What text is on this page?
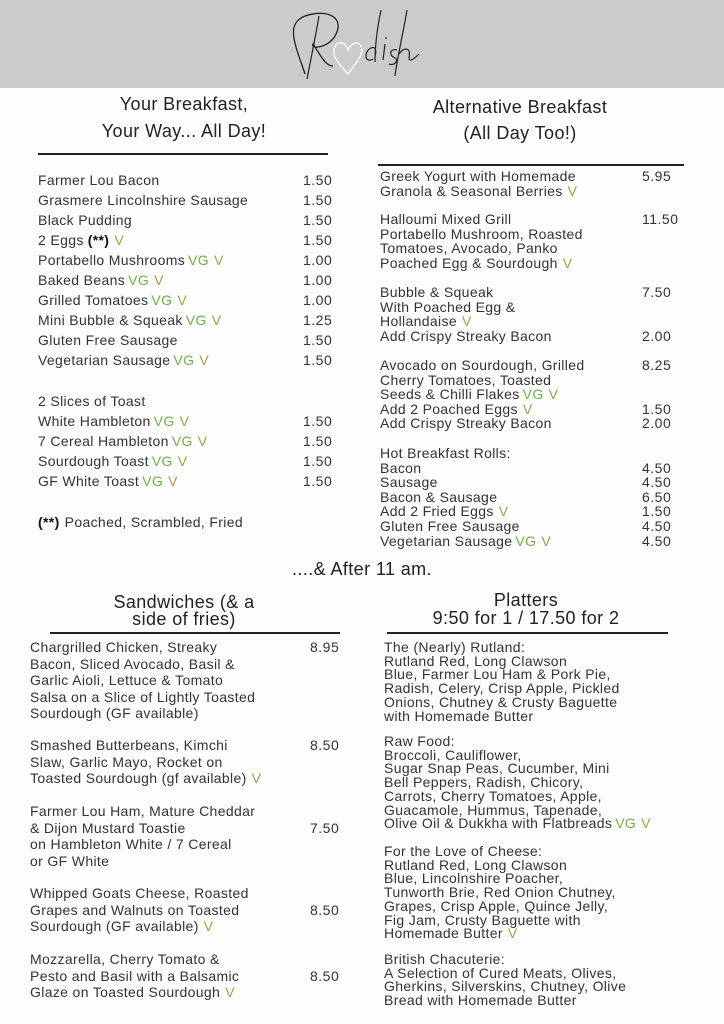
Your Breakfast,
Your Way... All Day!
Alternative Breakfast
(All Day Too!)
Sandwiches (& a
side of fries)
Platters
9:50 for 1 / 17.50 for 2
....& After 11 am.
Farmer Lou Bacon	1.50
Grasmere Lincolnshire Sausage	1.50
Black Pudding	1.50
2 Eggs (**) V	1.50
Portabello Mushrooms VG V	1.00
Baked Beans VG V	1.00
Grilled Tomatoes VG V	1.00
Mini Bubble & Squeak VG V	1.25
Gluten Free Sausage	1.50
Vegetarian Sausage VG V	1.50
2 Slices of Toast
White Hambleton VG V	1.50
7 Cereal Hambleton VG V	1.50
Sourdough Toast VG V	1.50
GF White Toast VG V	1.50
Greek Yogurt with Homemade	5.95
Granola & Seasonal Berries V
Halloumi Mixed Grill	11.50
Portabello Mushroom, Roasted
Tomatoes, Avocado, Panko
Poached Egg & Sourdough V
Bubble & Squeak	7.50
With Poached Egg &
Hollandaise V
Add Crispy Streaky Bacon	2.00
Avocado on Sourdough, Grilled	8.25
Cherry Tomatoes, Toasted
Seeds & Chilli Flakes VG V
Add 2 Poached Eggs V	1.50
Add Crispy Streaky Bacon	2.00
Hot Breakfast Rolls:
Bacon	4.50
Sausage	4.50
Bacon & Sausage	6.50
Add 2 Fried Eggs V	1.50
Gluten Free Sausage	4.50
Vegetarian Sausage VG V	4.50
Chargrilled Chicken, Streaky	8.95
Bacon, Sliced Avocado, Basil &
Garlic Aioli, Lettuce & Tomato
Salsa on a Slice of Lightly Toasted
Sourdough (GF available)
Smashed Butterbeans, Kimchi	8.50
Slaw, Garlic Mayo, Rocket on
Toasted Sourdough (gf available) V
Farmer Lou Ham, Mature Cheddar
& Dijon Mustard Toastie	7.50
on Hambleton White / 7 Cereal
or GF White
Whipped Goats Cheese, Roasted
Grapes and Walnuts on Toasted	8.50
Sourdough (GF available) V
Mozzarella, Cherry Tomato &
Pesto and Basil with a Balsamic	8.50
Glaze on Toasted Sourdough V
The (Nearly) Rutland:
Rutland Red, Long Clawson
Blue, Farmer Lou Ham & Pork Pie,
Radish, Celery, Crisp Apple, Pickled
Onions, Chutney & Crusty Baguette
with Homemade Butter
Raw Food:
Broccoli, Cauliflower,
Sugar Snap Peas, Cucumber, Mini
Bell Peppers, Radish, Chicory,
Carrots, Cherry Tomatoes, Apple,
Guacamole, Hummus, Tapenade,
Olive Oil & Dukkha with Flatbreads VG V
For the Love of Cheese:
Rutland Red, Long Clawson
Blue, Lincolnshire Poacher,
Tunworth Brie, Red Onion Chutney,
Grapes, Crisp Apple, Quince Jelly,
Fig Jam, Crusty Baguette with
Homemade Butter V
British Chacuterie:
A Selection of Cured Meats, Olives,
Gherkins, Silverskins, Chutney, Olive
Bread with Homemade Butter
(**) Poached, Scrambled, Fried
